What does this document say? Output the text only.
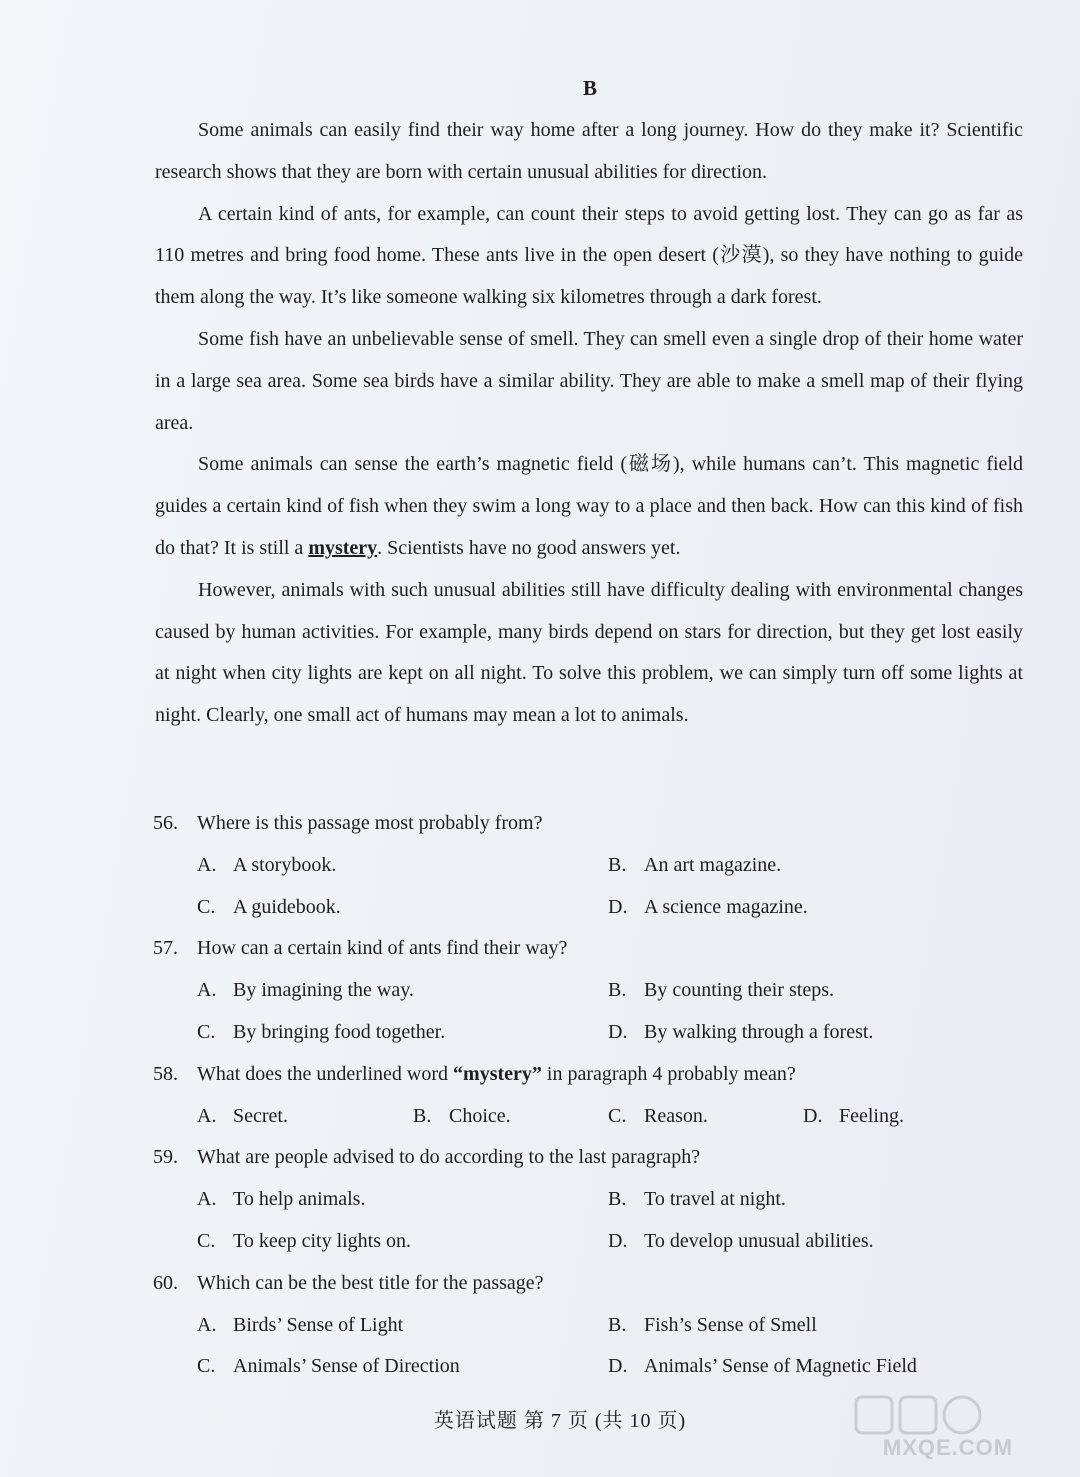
B

Some animals can easily find their way home after a long journey. How do they make it? Scientific research shows that they are born with certain unusual abilities for direction.

A certain kind of ants, for example, can count their steps to avoid getting lost. They can go as far as 110 metres and bring food home. These ants live in the open desert (沙漠), so they have nothing to guide them along the way. It’s like someone walking six kilometres through a dark forest.

Some fish have an unbelievable sense of smell. They can smell even a single drop of their home water in a large sea area. Some sea birds have a similar ability. They are able to make a smell map of their flying area.

Some animals can sense the earth’s magnetic field (磁场), while humans can’t. This magnetic field guides a certain kind of fish when they swim a long way to a place and then back. How can this kind of fish do that? It is still a mystery. Scientists have no good answers yet.

However, animals with such unusual abilities still have difficulty dealing with environmental changes caused by human activities. For example, many birds depend on stars for direction, but they get lost easily at night when city lights are kept on all night. To solve this problem, we can simply turn off some lights at night. Clearly, one small act of humans may mean a lot to animals.

56. Where is this passage most probably from?
A. A storybook.	B. An art magazine.
C. A guidebook.	D. A science magazine.
57. How can a certain kind of ants find their way?
A. By imagining the way.	B. By counting their steps.
C. By bringing food together.	D. By walking through a forest.
58. What does the underlined word “mystery” in paragraph 4 probably mean?
A. Secret.	B. Choice.	C. Reason.	D. Feeling.
59. What are people advised to do according to the last paragraph?
A. To help animals.	B. To travel at night.
C. To keep city lights on.	D. To develop unusual abilities.
60. Which can be the best title for the passage?
A. Birds’ Sense of Light	B. Fish’s Sense of Smell
C. Animals’ Sense of Direction	D. Animals’ Sense of Magnetic Field
英语试题 第 7 页 (共 10 页)
MXQE.COM
